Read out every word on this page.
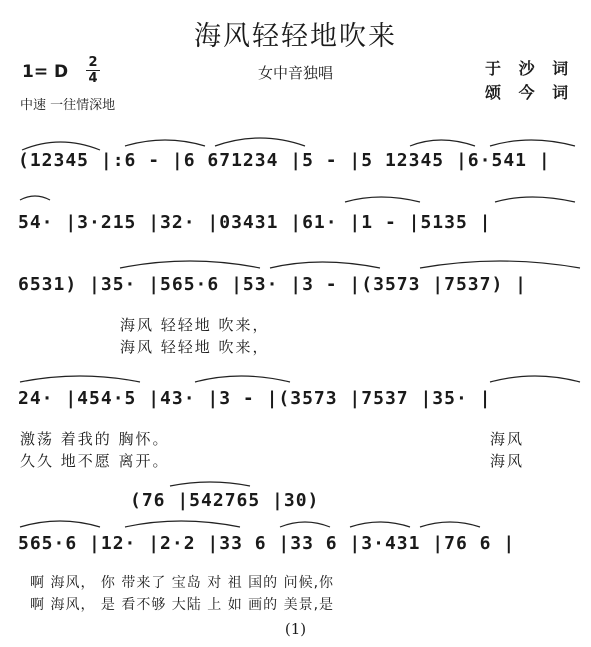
海风轻轻地吹来
1= D 2
4	女中音独唱	于 沙 词
颂 今 词
中速 一往情深地
(12345 |:6 - |6 671234 |5 - |5 12345 |6·541 |
54· |3·215 |32· |03431 |61· |1 - |5135 |
6531) |35· |565·6 |53· |3 - |(3573 |7537) |
海风 轻轻地 吹来，
海风 轻轻地 吹来，
24· |454·5 |43· |3 - |(3573 |7537 |35· |
激荡 着我的 胸怀。	海风
久久 地不愿 离开。	海风
(76 |542765 |30)
565·6 |12· |2·2 |33 6 |33 6 |3·431 |76 6 |
啊 海风， 你 带来了 宝岛 对 祖 国的 问候,你
啊 海风， 是 看不够 大陆 上 如 画的 美景,是
(1)
